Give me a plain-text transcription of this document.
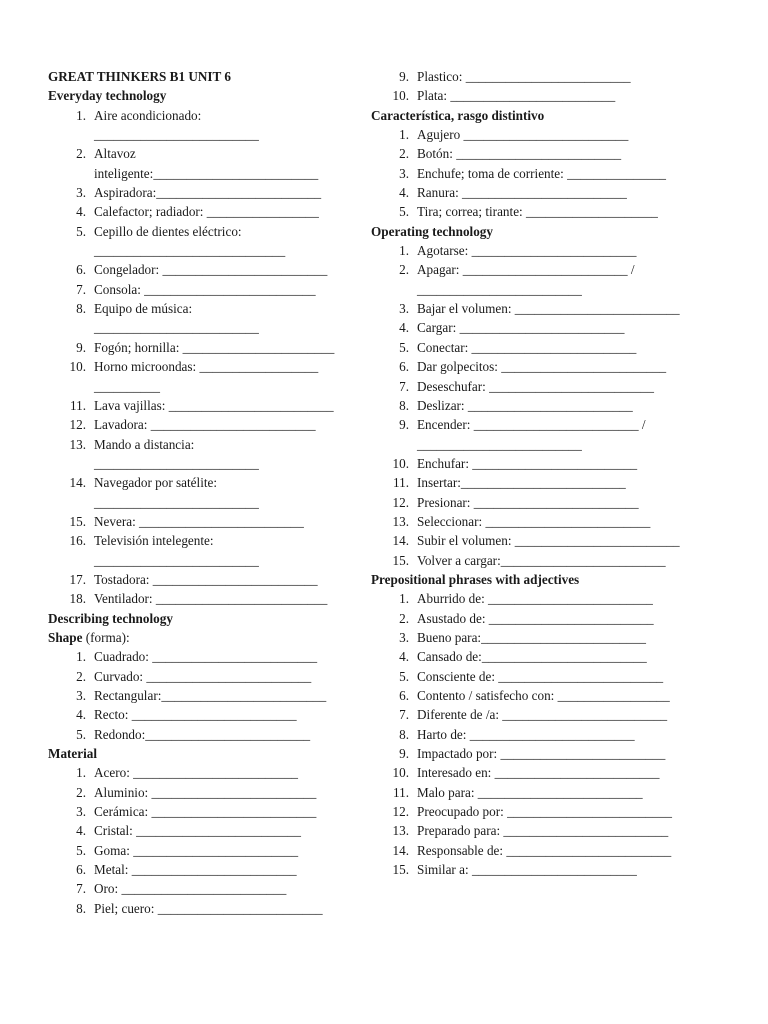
GREAT THINKERS B1 UNIT 6
Everyday technology
1. Aire acondicionado:
_________________________
2. Altavoz
inteligente:_________________________
3. Aspiradora:_________________________
4. Calefactor; radiador: _________________
5. Cepillo de dientes eléctrico:
_____________________________
6. Congelador: _________________________
7. Consola: __________________________
8. Equipo de música:
_________________________
9. Fogón; hornilla: _______________________
10. Horno microondas: __________________
__________
11. Lava vajillas: _________________________
12. Lavadora: _________________________
13. Mando a distancia:
_________________________
14. Navegador por satélite:
_________________________
15. Nevera: _________________________
16. Televisión intelegente:
_________________________
17. Tostadora: _________________________
18. Ventilador: __________________________
Describing technology
Shape (forma):
1. Cuadrado: _________________________
2. Curvado: _________________________
3. Rectangular:_________________________
4. Recto: _________________________
5. Redondo:_________________________
Material
1. Acero: _________________________
2. Aluminio: _________________________
3. Cerámica: _________________________
4. Cristal: _________________________
5. Goma: _________________________
6. Metal: _________________________
7. Oro: _________________________
8. Piel; cuero: _________________________
9. Plastico: _________________________
10. Plata: _________________________
Característica, rasgo distintivo
1. Agujero _________________________
2. Botón: _________________________
3. Enchufe; toma de corriente: _______________
4. Ranura: _________________________
5. Tira; correa; tirante: ____________________
Operating technology
1. Agotarse: _________________________
2. Apagar: _________________________ /
_________________________
3. Bajar el volumen: _________________________
4. Cargar: _________________________
5. Conectar: _________________________
6. Dar golpecitos: _________________________
7. Deseschufar: _________________________
8. Deslizar: _________________________
9. Encender: _________________________ /
_________________________
10. Enchufar: _________________________
11. Insertar:_________________________
12. Presionar: _________________________
13. Seleccionar: _________________________
14. Subir el volumen: _________________________
15. Volver a cargar:_________________________
Prepositional phrases with adjectives
1. Aburrido de: _________________________
2. Asustado de: _________________________
3. Bueno para:_________________________
4. Cansado de:_________________________
5. Consciente de: _________________________
6. Contento / satisfecho con: _________________
7. Diferente de /a: _________________________
8. Harto de: _________________________
9. Impactado por: _________________________
10. Interesado en: _________________________
11. Malo para: _________________________
12. Preocupado por: _________________________
13. Preparado para: _________________________
14. Responsable de: _________________________
15. Similar a: _________________________
